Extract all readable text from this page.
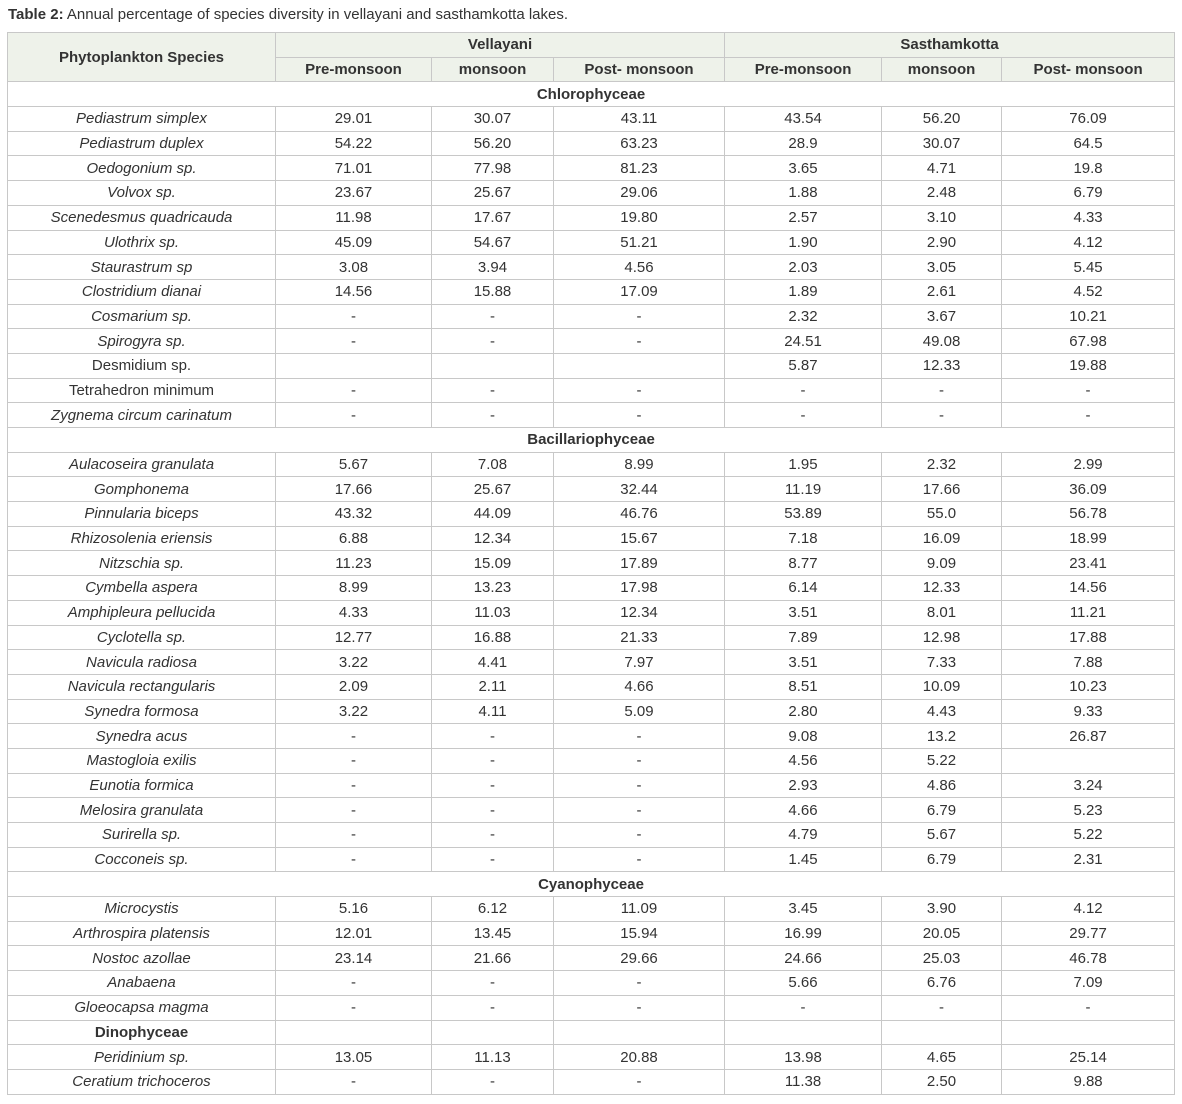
Table 2: Annual percentage of species diversity in vellayani and sasthamkotta lakes.
Phytoplankton Species	Vellayani			Sasthamkotta		
	Pre-monsoon	monsoon	Post- monsoon	Pre-monsoon	monsoon	Post- monsoon
Chlorophyceae						
Pediastrum simplex	29.01	30.07	43.11	43.54	56.20	76.09
Pediastrum duplex	54.22	56.20	63.23	28.9	30.07	64.5
Oedogonium sp.	71.01	77.98	81.23	3.65	4.71	19.8
Volvox sp.	23.67	25.67	29.06	1.88	2.48	6.79
Scenedesmus quadricauda	11.98	17.67	19.80	2.57	3.10	4.33
Ulothrix sp.	45.09	54.67	51.21	1.90	2.90	4.12
Staurastrum sp	3.08	3.94	4.56	2.03	3.05	5.45
Clostridium dianai	14.56	15.88	17.09	1.89	2.61	4.52
Cosmarium sp.	-	-	-	2.32	3.67	10.21
Spirogyra sp.	-	-	-	24.51	49.08	67.98
Desmidium sp.				5.87	12.33	19.88
Tetrahedron minimum	-	-	-	-	-	-
Zygnema circum carinatum	-	-	-	-	-	-
Bacillariophyceae						
Aulacoseira granulata	5.67	7.08	8.99	1.95	2.32	2.99
Gomphonema	17.66	25.67	32.44	11.19	17.66	36.09
Pinnularia biceps	43.32	44.09	46.76	53.89	55.0	56.78
Rhizosolenia eriensis	6.88	12.34	15.67	7.18	16.09	18.99
Nitzschia sp.	11.23	15.09	17.89	8.77	9.09	23.41
Cymbella aspera	8.99	13.23	17.98	6.14	12.33	14.56
Amphipleura pellucida	4.33	11.03	12.34	3.51	8.01	11.21
Cyclotella sp.	12.77	16.88	21.33	7.89	12.98	17.88
Navicula radiosa	3.22	4.41	7.97	3.51	7.33	7.88
Navicula rectangularis	2.09	2.11	4.66	8.51	10.09	10.23
Synedra formosa	3.22	4.11	5.09	2.80	4.43	9.33
Synedra acus	-	-	-	9.08	13.2	26.87
Mastogloia exilis	-	-	-	4.56	5.22	
Eunotia formica	-	-	-	2.93	4.86	3.24
Melosira granulata	-	-	-	4.66	6.79	5.23
Surirella sp.	-	-	-	4.79	5.67	5.22
Cocconeis sp.	-	-	-	1.45	6.79	2.31
Cyanophyceae						
Microcystis	5.16	6.12	11.09	3.45	3.90	4.12
Arthrospira platensis	12.01	13.45	15.94	16.99	20.05	29.77
Nostoc azollae	23.14	21.66	29.66	24.66	25.03	46.78
Anabaena	-	-	-	5.66	6.76	7.09
Gloeocapsa magma	-	-	-	-	-	-
Dinophyceae						
Peridinium sp.	13.05	11.13	20.88	13.98	4.65	25.14
Ceratium trichoceros	-	-	-	11.38	2.50	9.88
